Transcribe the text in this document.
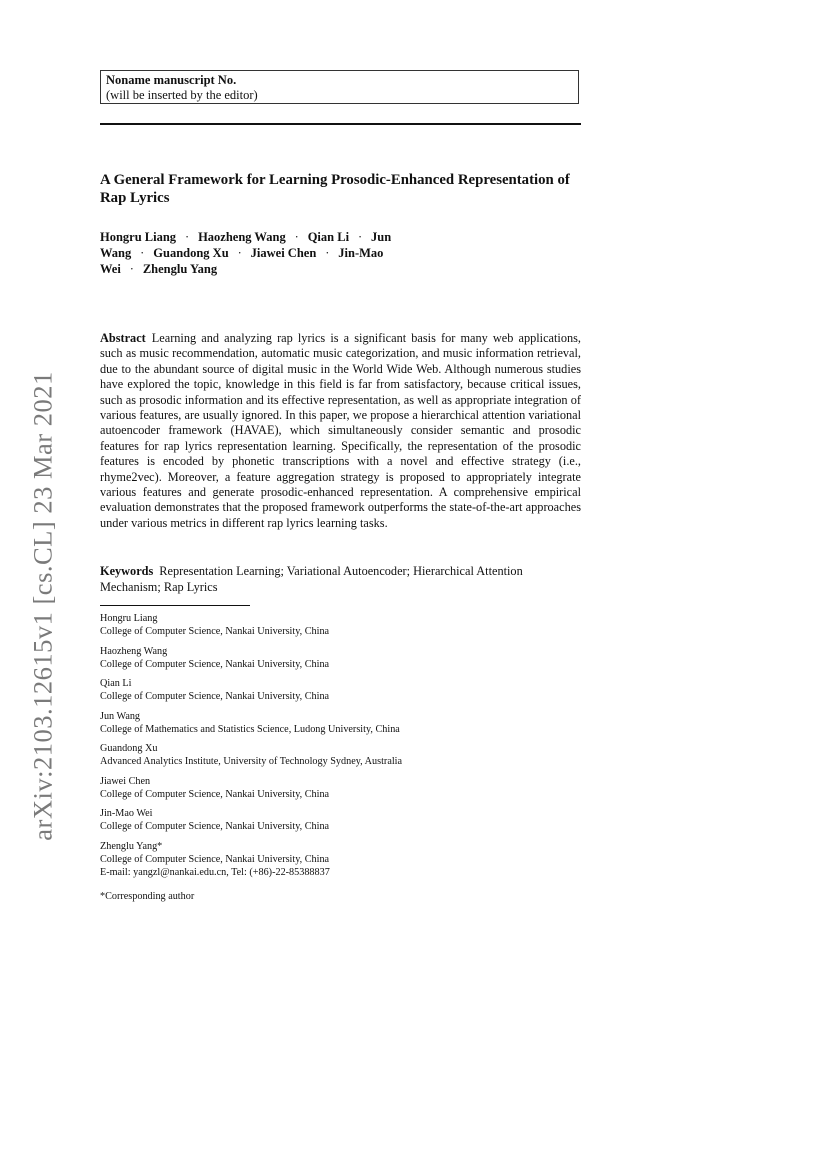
arXiv:2103.12615v1 [cs.CL] 23 Mar 2021
Noname manuscript No.
(will be inserted by the editor)
A General Framework for Learning Prosodic-Enhanced Representation of Rap Lyrics
Hongru Liang · Haozheng Wang · Qian Li · Jun
Wang · Guandong Xu · Jiawei Chen · Jin-Mao
Wei · Zhenglu Yang

Abstract Learning and analyzing rap lyrics is a significant basis for many web applications, such as music recommendation, automatic music categorization, and music information retrieval, due to the abundant source of digital music in the World Wide Web. Although numerous studies have explored the topic, knowledge in this field is far from satisfactory, because critical issues, such as prosodic information and its effective representation, as well as appropriate integration of various features, are usually ignored. In this paper, we propose a hierarchical attention variational autoencoder framework (HAVAE), which simultaneously consider semantic and prosodic features for rap lyrics representation learning. Specifically, the representation of the prosodic features is encoded by phonetic transcriptions with a novel and effective strategy (i.e., rhyme2vec). Moreover, a feature aggregation strategy is proposed to appropriately integrate various features and generate prosodic-enhanced representation. A comprehensive empirical evaluation demonstrates that the proposed framework outperforms the state-of-the-art approaches under various metrics in different rap lyrics learning tasks.

Keywords Representation Learning; Variational Autoencoder; Hierarchical Attention Mechanism; Rap Lyrics

Hongru Liang
College of Computer Science, Nankai University, China
Haozheng Wang
College of Computer Science, Nankai University, China
Qian Li
College of Computer Science, Nankai University, China
Jun Wang
College of Mathematics and Statistics Science, Ludong University, China
Guandong Xu
Advanced Analytics Institute, University of Technology Sydney, Australia
Jiawei Chen
College of Computer Science, Nankai University, China
Jin-Mao Wei
College of Computer Science, Nankai University, China
Zhenglu Yang*
College of Computer Science, Nankai University, China
E-mail: yangzl@nankai.edu.cn, Tel: (+86)-22-85388837
*Corresponding author
